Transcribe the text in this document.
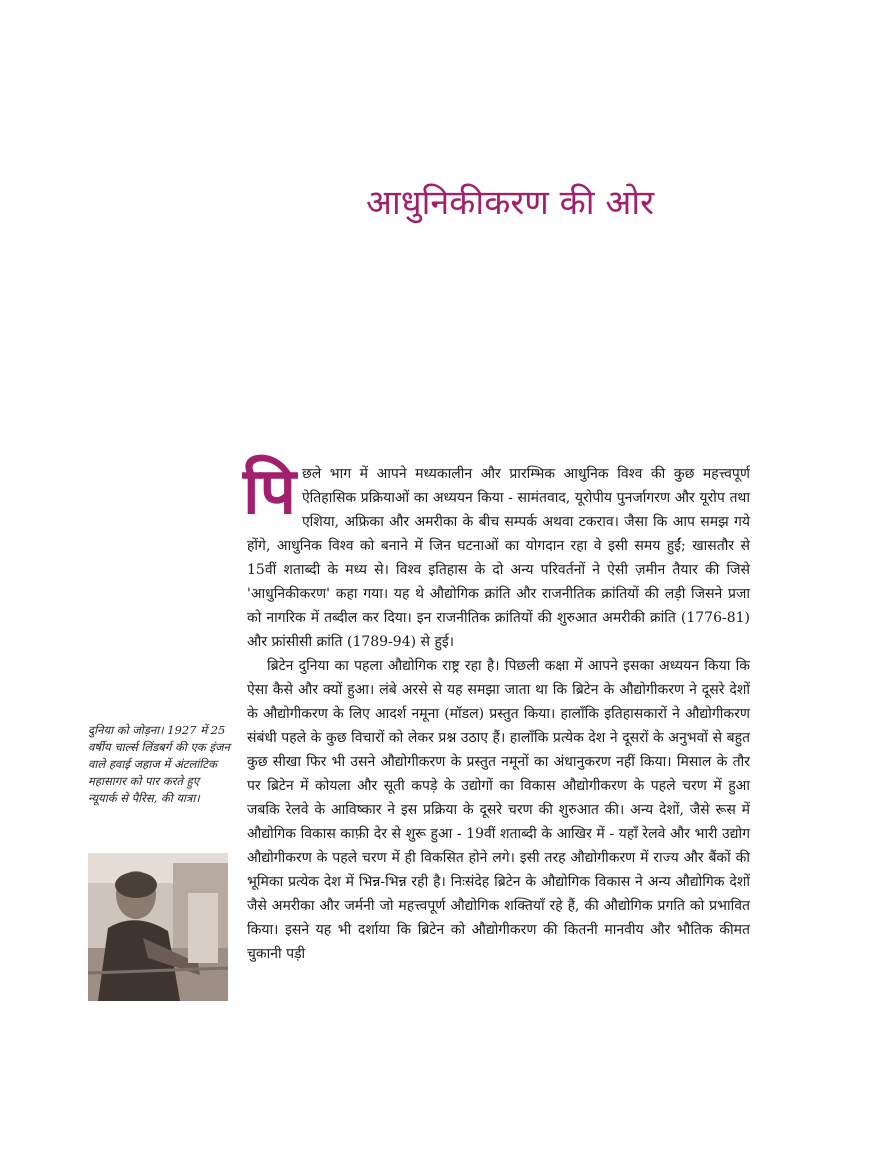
आधुनिकीकरण की ओर

पिछले भाग में आपने मध्यकालीन और प्रारम्भिक आधुनिक विश्व की कुछ महत्त्वपूर्ण ऐतिहासिक प्रक्रियाओं का अध्ययन किया - सामंतवाद, यूरोपीय पुनर्जागरण और यूरोप तथा एशिया, अफ्रिका और अमरीका के बीच सम्पर्क अथवा टकराव। जैसा कि आप समझ गये होंगे, आधुनिक विश्व को बनाने में जिन घटनाओं का योगदान रहा वे इसी समय हुईं; खासतौर से 15वीं शताब्दी के मध्य से। विश्व इतिहास के दो अन्य परिवर्तनों ने ऐसी ज़मीन तैयार की जिसे 'आधुनिकीकरण' कहा गया। यह थे औद्योगिक क्रांति और राजनीतिक क्रांतियों की लड़ी जिसने प्रजा को नागरिक में तब्दील कर दिया। इन राजनीतिक क्रांतियों की शुरुआत अमरीकी क्रांति (1776-81) और फ्रांसीसी क्रांति (1789-94) से हुई।

ब्रिटेन दुनिया का पहला औद्योगिक राष्ट्र रहा है। पिछली कक्षा में आपने इसका अध्ययन किया कि ऐसा कैसे और क्यों हुआ। लंबे अरसे से यह समझा जाता था कि ब्रिटेन के औद्योगीकरण ने दूसरे देशों के औद्योगीकरण के लिए आदर्श नमूना (मॉडल) प्रस्तुत किया। हालाँकि इतिहासकारों ने औद्योगीकरण संबंधी पहले के कुछ विचारों को लेकर प्रश्न उठाए हैं। हालाँकि प्रत्येक देश ने दूसरों के अनुभवों से बहुत कुछ सीखा फिर भी उसने औद्योगीकरण के प्रस्तुत नमूनों का अंधानुकरण नहीं किया। मिसाल के तौर पर ब्रिटेन में कोयला और सूती कपड़े के उद्योगों का विकास औद्योगीकरण के पहले चरण में हुआ जबकि रेलवे के आविष्कार ने इस प्रक्रिया के दूसरे चरण की शुरुआत की। अन्य देशों, जैसे रूस में औद्योगिक विकास काफ़ी देर से शुरू हुआ - 19वीं शताब्दी के आखिर में - यहाँ रेलवे और भारी उद्योग औद्योगीकरण के पहले चरण में ही विकसित होने लगे। इसी तरह औद्योगीकरण में राज्य और बैंकों की भूमिका प्रत्येक देश में भिन्न-भिन्न रही है। निःसंदेह ब्रिटेन के औद्योगिक विकास ने अन्य औद्योगिक देशों जैसे अमरीका और जर्मनी जो महत्त्वपूर्ण औद्योगिक शक्तियाँ रहे हैं, की औद्योगिक प्रगति को प्रभावित किया। इसने यह भी दर्शाया कि ब्रिटेन को औद्योगीकरण की कितनी मानवीय और भौतिक कीमत चुकानी पड़ी

दुनिया को जोड़ना। 1927 में 25 वर्षीय चार्ल्स लिंडबर्ग की एक इंजन वाले हवाई जहाज में अंटलांटिक महासागर को पार करते हुए न्यूयार्क से पैरिस, की यात्रा।
